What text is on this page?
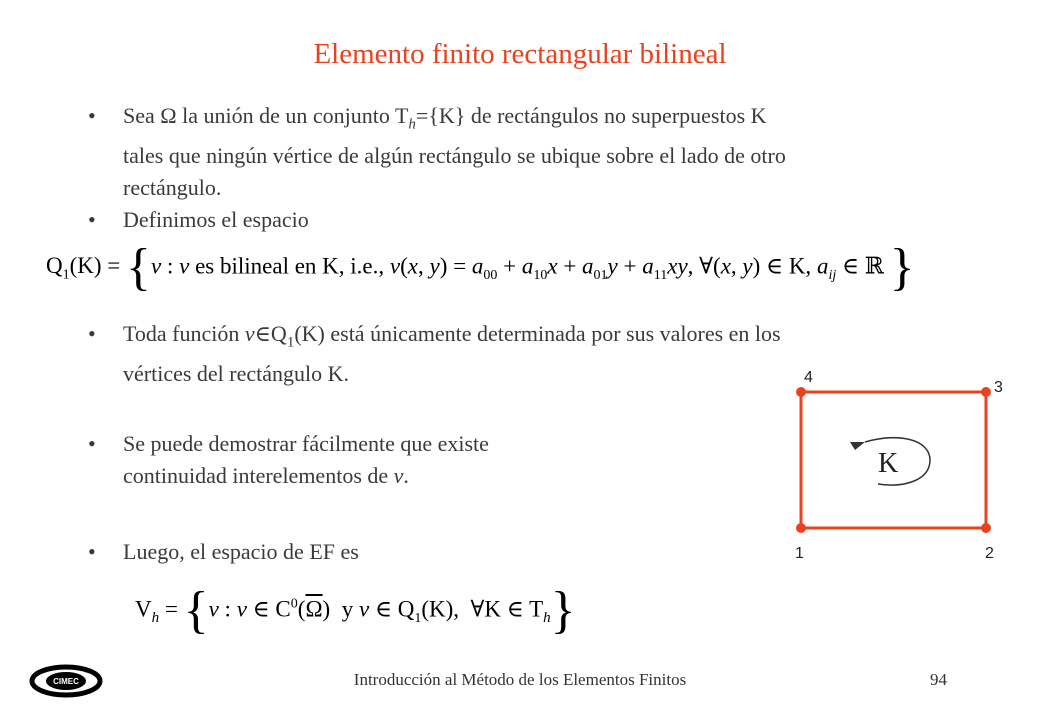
Elemento finito rectangular bilineal
•	Sea Ω la unión de un conjunto $T_h=\{K\}$ de rectángulos no superpuestos K
tales que ningún vértice de algún rectángulo se ubique sobre el lado de otro
rectángulo.
•	Definimos el espacio
$Q_1(K) = \{v$ : v es bilineal en K, i.e., v(x, $y) = a_{00} + a_{10}x + a_{01}y + a_{11}xy$, ∀(x, y) ∈ K, $a_{ij}$ ∈ ℝ }
•	Toda función $v\in Q_1(K)$ está únicamente determinada por sus valores en los
vértices del rectángulo K.
•	Se puede demostrar fácilmente que existe
continuidad interelementos de v.
•	Luego, el espacio de EF es
$V_h = \{v$ : v ∈ $C^0(\overline{\Omega})$  y v ∈ $Q_1(K)$,  ∀K ∈ $T_h$}
1	2
3
4
K
CIMEC	Introducción al Método de los Elementos Finitos	94
